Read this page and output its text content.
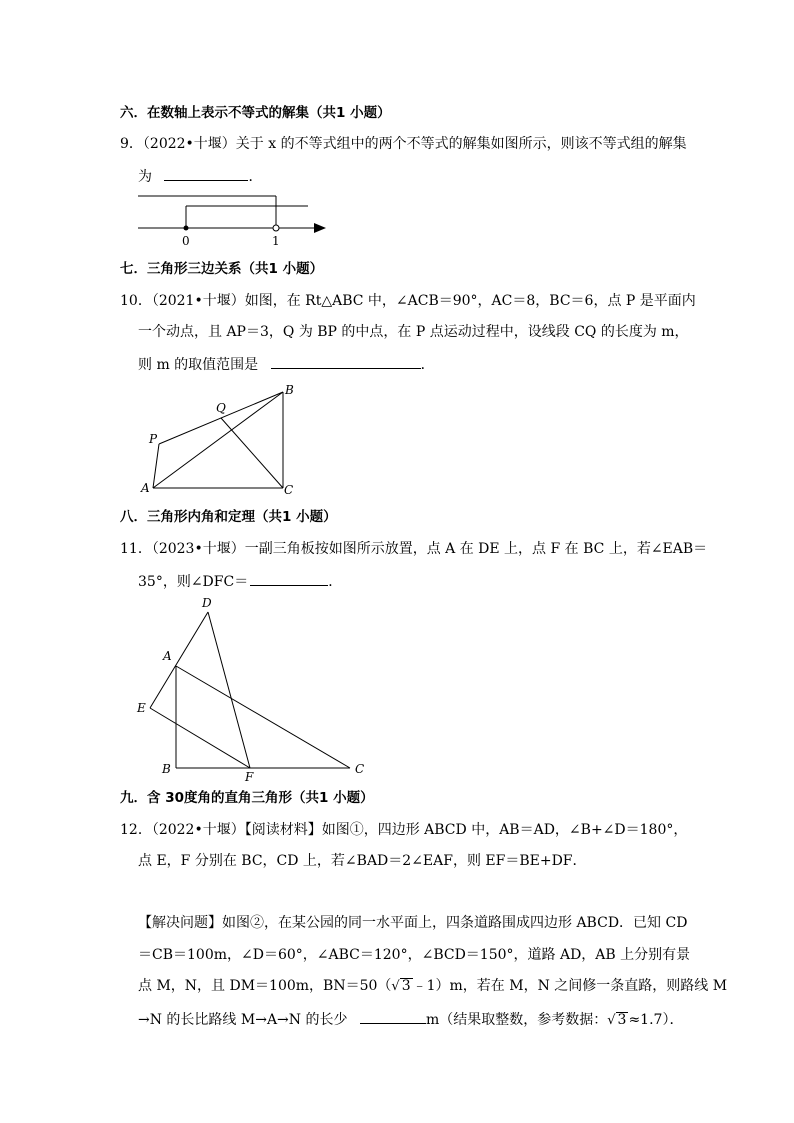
六．在数轴上表示不等式的解集（共1 小题）
9．（2022•十堰）关于 x 的不等式组中的两个不等式的解集如图所示，则该不等式组的解集
为	．
0	1
七．三角形三边关系（共1 小题）
10．（2021•十堰）如图，在 Rt△ABC 中，∠ACB＝90°，AC＝8，BC＝6，点 P 是平面内
一个动点，且 AP＝3，Q 为 BP 的中点，在 P 点运动过程中，设线段 CQ 的长度为 m，
则 m 的取值范围是	．
B
Q
P
A	C
八．三角形内角和定理（共1 小题）
11．（2023•十堰）一副三角板按如图所示放置，点 A 在 DE 上，点 F 在 BC 上，若∠EAB＝
35°，则∠DFC＝	．
D
A
E
B
F
C
九．含 30度角的直角三角形（共1 小题）
12．（2022•十堰）【阅读材料】如图①，四边形 ABCD 中，AB＝AD，∠B+∠D＝180°，
点 E，F 分别在 BC，CD 上，若∠BAD＝2∠EAF，则 EF＝BE+DF．
【解决问题】如图②，在某公园的同一水平面上，四条道路围成四边形 ABCD．已知 CD
＝CB＝100m，∠D＝60°，∠ABC＝120°，∠BCD＝150°，道路 AD，AB 上分别有景
点 M，N，且 DM＝100m，BN＝50（√ 3 ﹣1）m，若在 M，N 之间修一条直路，则路线 M
→N 的长比路线 M→A→N 的长少	m（结果取整数，参考数据：√ 3 ≈1.7）．
